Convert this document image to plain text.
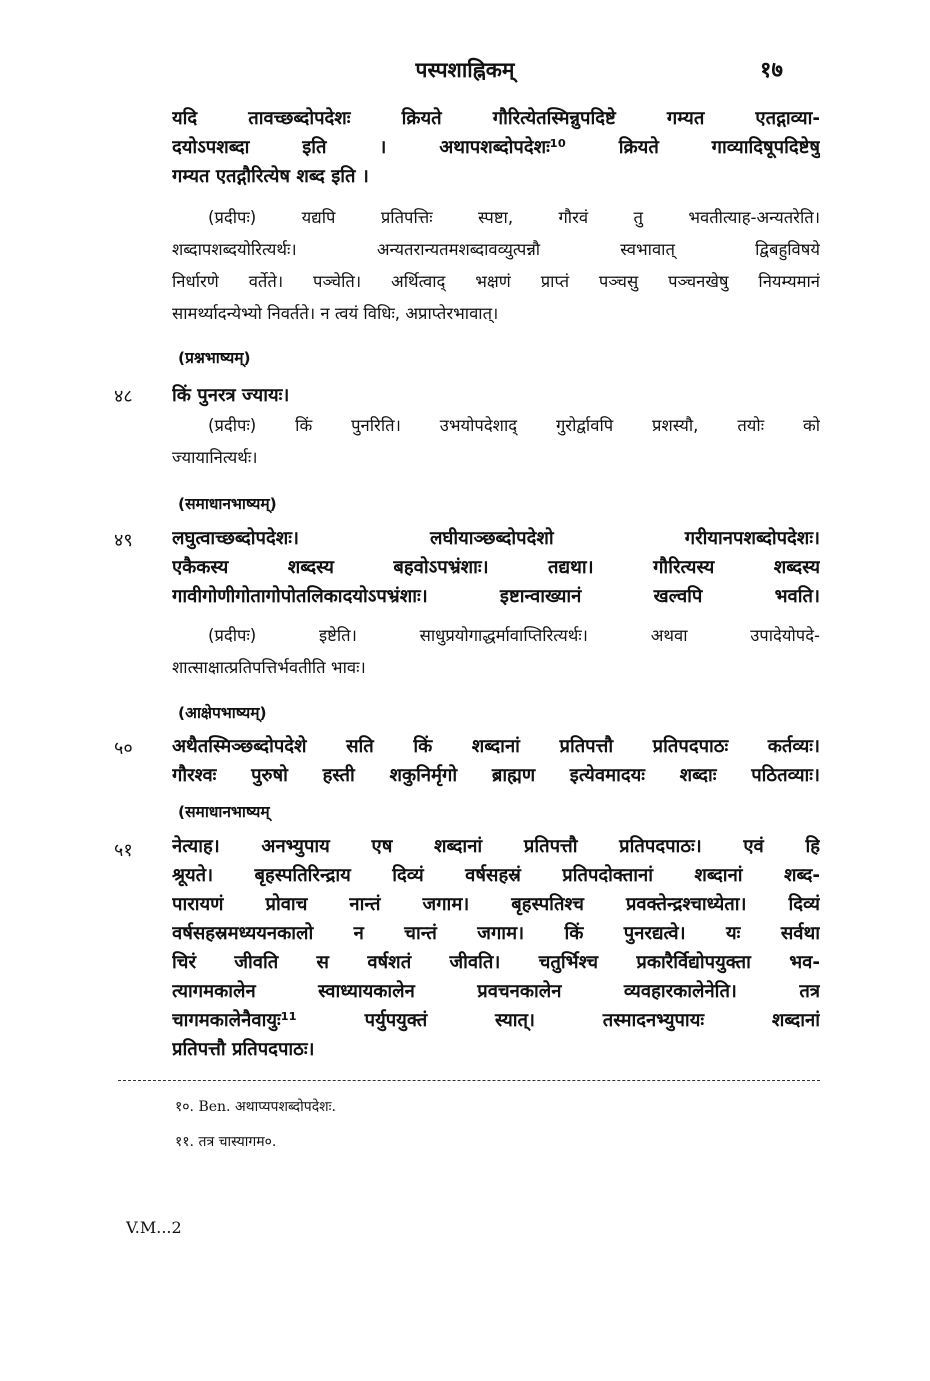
पस्पशाह्निकम्	१७
यदि तावच्छब्दोपदेशः क्रियते गौरित्येतस्मिन्नुपदिष्टे गम्यत एतद्गाव्या-
दयोऽपशब्दा इति । अथापशब्दोपदेशः¹⁰ क्रियते गाव्यादिषूपदिष्टेषु
गम्यत एतद्गौरित्येष शब्द इति ।
(प्रदीपः) यद्यपि प्रतिपत्तिः स्पष्टा, गौरवं तु भवतीत्याह-अन्यतरेति।
शब्दापशब्दयोरित्यर्थः। अन्यतरान्यतमशब्दावव्युत्पन्नौ स्वभावात् द्विबहुविषये
निर्धारणे वर्तेते। पञ्चेति। अर्थित्वाद् भक्षणं प्राप्तं पञ्चसु पञ्चनखेषु नियम्यमानं
सामर्थ्यादन्येभ्यो निवर्तते। न त्वयं विधिः, अप्राप्तेरभावात्।
(प्रश्नभाष्यम्)
४८ किं पुनरत्र ज्यायः।
(प्रदीपः) किं पुनरिति। उभयोपदेशाद् गुरोर्द्वावपि प्रशस्यौ, तयोः को
ज्यायानित्यर्थः।
(समाधानभाष्यम्)
४९ लघुत्वाच्छब्दोपदेशः। लघीयाञ्छब्दोपदेशो गरीयानपशब्दोपदेशः।
एकैकस्य शब्दस्य बहवोऽपभ्रंशाः। तद्यथा। गौरित्यस्य शब्दस्य
गावीगोणीगोतागोपोतलिकादयोऽपभ्रंशाः। इष्टान्वाख्यानं खल्वपि भवति।
(प्रदीपः) इष्टेति। साधुप्रयोगाद्धर्मावाप्तिरित्यर्थः। अथवा उपादेयोपदे-
शात्साक्षात्प्रतिपत्तिर्भवतीति भावः।
(आक्षेपभाष्यम्)
५० अथैतस्मिञ्छब्दोपदेशे सति किं शब्दानां प्रतिपत्तौ प्रतिपदपाठः कर्तव्यः।
गौरश्वः पुरुषो हस्ती शकुनिर्मृगो ब्राह्मण इत्येवमादयः शब्दाः पठितव्याः।
(समाधानभाष्यम्
५१ नेत्याह। अनभ्युपाय एष शब्दानां प्रतिपत्तौ प्रतिपदपाठः। एवं हि
श्रूयते। बृहस्पतिरिन्द्राय दिव्यं वर्षसहस्रं प्रतिपदोक्तानां शब्दानां शब्द-
पारायणं प्रोवाच नान्तं जगाम। बृहस्पतिश्च प्रवक्तेन्द्रश्चाध्येता। दिव्यं
वर्षसहस्रमध्ययनकालो न चान्तं जगाम। किं पुनरद्यत्वे। यः सर्वथा
चिरं जीवति स वर्षशतं जीवति। चतुर्भिश्च प्रकारैर्विद्योपयुक्ता भव-
त्यागमकालेन स्वाध्यायकालेन प्रवचनकालेन व्यवहारकालेनेति। तत्र
चागमकालेनैवायुः¹¹ पर्युपयुक्तं स्यात्। तस्मादनभ्युपायः शब्दानां
प्रतिपत्तौ प्रतिपदपाठः।
१०. Ben. अथाप्यपशब्दोपदेशः.
११. तत्र चास्यागम०.
V.M...2
